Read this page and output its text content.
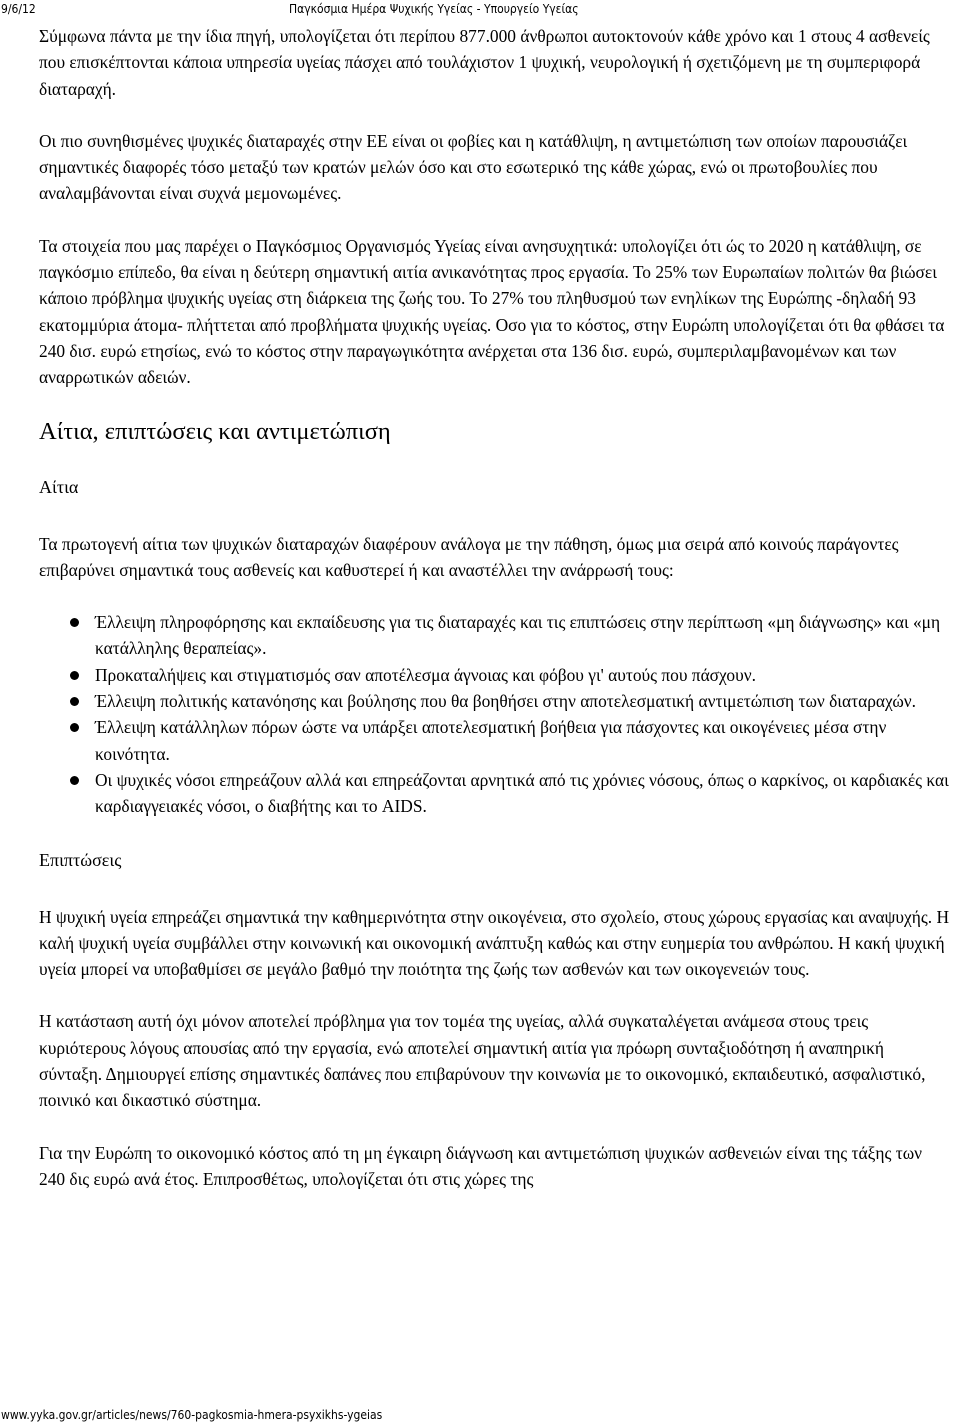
9/6/12	Παγκόσμια Ημέρα Ψυχικής Υγείας - Υπουργείο Υγείας

Σύμφωνα πάντα με την ίδια πηγή, υπολογίζεται ότι περίπου 877.000 άνθρωποι αυτοκτονούν κάθε χρόνο και 1 στους 4 ασθενείς που επισκέπτονται κάποια υπηρεσία υγείας πάσχει από τουλάχιστον 1 ψυχική, νευρολογική ή σχετιζόμενη με τη συμπεριφορά διαταραχή.

Οι πιο συνηθισμένες ψυχικές διαταραχές στην ΕΕ είναι οι φοβίες και η κατάθλιψη, η αντιμετώπιση των οποίων παρουσιάζει σημαντικές διαφορές τόσο μεταξύ των κρατών μελών όσο και στο εσωτερικό της κάθε χώρας, ενώ οι πρωτοβουλίες που αναλαμβάνονται είναι συχνά μεμονωμένες.

Τα στοιχεία που μας παρέχει ο Παγκόσμιος Οργανισμός Υγείας είναι ανησυχητικά: υπολογίζει ότι ώς το 2020 η κατάθλιψη, σε παγκόσμιο επίπεδο, θα είναι η δεύτερη σημαντική αιτία ανικανότητας προς εργασία. Το 25% των Ευρωπαίων πολιτών θα βιώσει κάποιο πρόβλημα ψυχικής υγείας στη διάρκεια της ζωής του. Το 27% του πληθυσμού των ενηλίκων της Ευρώπης -δηλαδή 93 εκατομμύρια άτομα- πλήττεται από προβλήματα ψυχικής υγείας. Οσο για το κόστος, στην Ευρώπη υπολογίζεται ότι θα φθάσει τα 240 δισ. ευρώ ετησίως, ενώ το κόστος στην παραγωγικότητα ανέρχεται στα 136 δισ. ευρώ, συμπεριλαμβανομένων και των αναρρωτικών αδειών.

Αίτια, επιπτώσεις και αντιμετώπιση
Αίτια

Τα πρωτογενή αίτια των ψυχικών διαταραχών διαφέρουν ανάλογα με την πάθηση, όμως μια σειρά από κοινούς παράγοντες επιβαρύνει σημαντικά τους ασθενείς και καθυστερεί ή και αναστέλλει την ανάρρωσή τους:

Έλλειψη πληροφόρησης και εκπαίδευσης για τις διαταραχές και τις επιπτώσεις στην περίπτωση «μη διάγνωσης» και «μη κατάλληλης θεραπείας».
Προκαταλήψεις και στιγματισμός σαν αποτέλεσμα άγνοιας και φόβου γι' αυτούς που πάσχουν.
Έλλειψη πολιτικής κατανόησης και βούλησης που θα βοηθήσει στην αποτελεσματική αντιμετώπιση των διαταραχών.
Έλλειψη κατάλληλων πόρων ώστε να υπάρξει αποτελεσματική βοήθεια για πάσχοντες και οικογένειες μέσα στην κοινότητα.
Οι ψυχικές νόσοι επηρεάζουν αλλά και επηρεάζονται αρνητικά από τις χρόνιες νόσους, όπως ο καρκίνος, οι καρδιακές και καρδιαγγειακές νόσοι, ο διαβήτης και το AIDS.
Επιπτώσεις

Η ψυχική υγεία επηρεάζει σημαντικά την καθημερινότητα στην οικογένεια, στο σχολείο, στους χώρους εργασίας και αναψυχής. Η καλή ψυχική υγεία συμβάλλει στην κοινωνική και οικονομική ανάπτυξη καθώς και στην ευημερία του ανθρώπου. Η κακή ψυχική υγεία μπορεί να υποβαθμίσει σε μεγάλο βαθμό την ποιότητα της ζωής των ασθενών και των οικογενειών τους.

Η κατάσταση αυτή όχι μόνον αποτελεί πρόβλημα για τον τομέα της υγείας, αλλά συγκαταλέγεται ανάμεσα στους τρεις κυριότερους λόγους απουσίας από την εργασία, ενώ αποτελεί σημαντική αιτία για πρόωρη συνταξιοδότηση ή αναπηρική σύνταξη. Δημιουργεί επίσης σημαντικές δαπάνες που επιβαρύνουν την κοινωνία με το οικονομικό, εκπαιδευτικό, ασφαλιστικό, ποινικό και δικαστικό σύστημα.

Για την Ευρώπη το οικονομικό κόστος από τη μη έγκαιρη διάγνωση και αντιμετώπιση ψυχικών ασθενειών είναι της τάξης των 240 δις ευρώ ανά έτος. Επιπροσθέτως, υπολογίζεται ότι στις χώρες της

www.yyka.gov.gr/articles/news/760-pagkosmia-hmera-psyxikhs-ygeias
